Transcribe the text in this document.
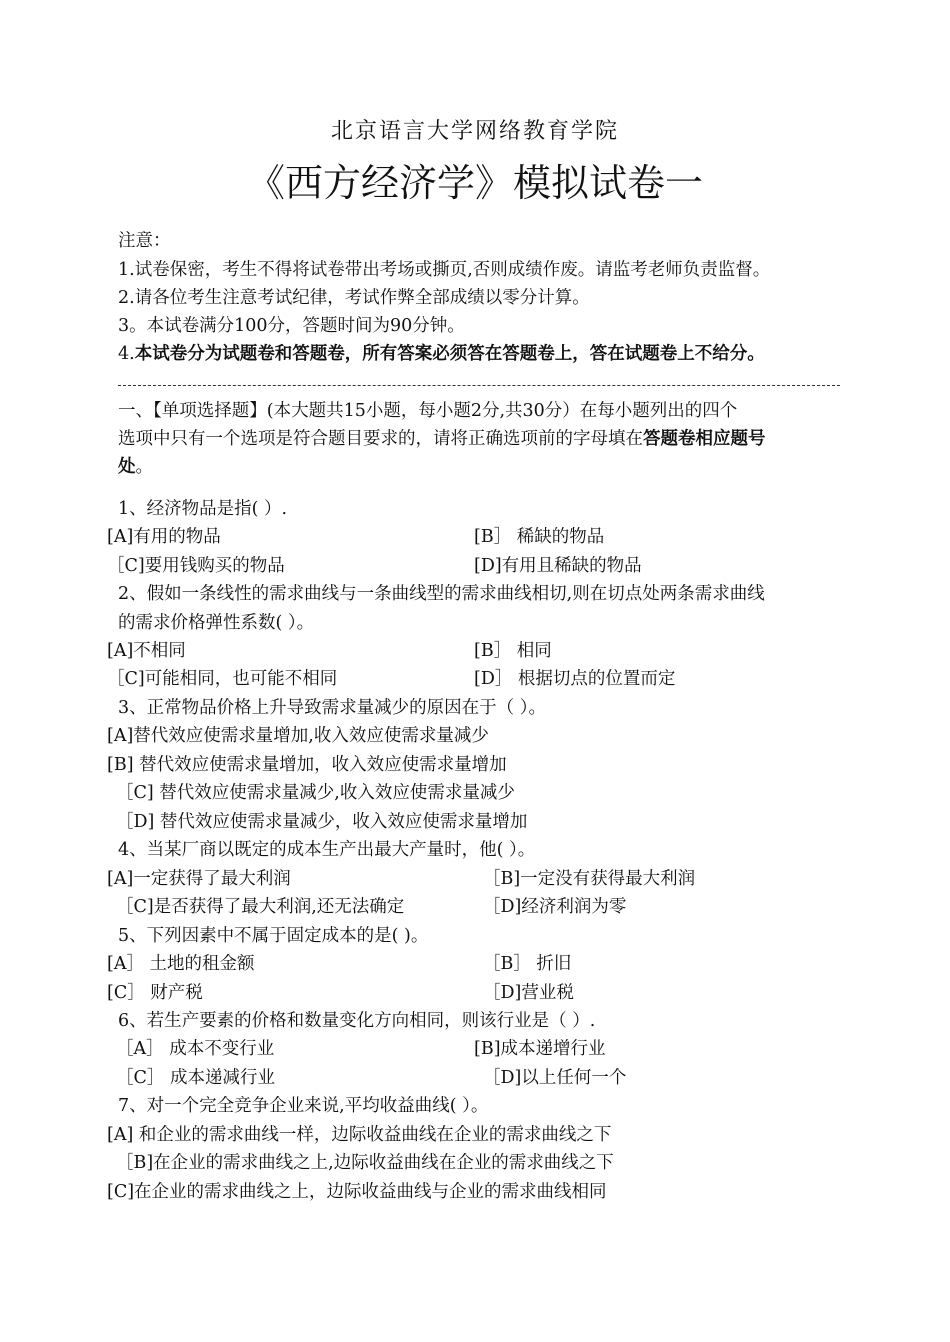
北京语言大学网络教育学院
《西方经济学》模拟试卷一
注意：
1.试卷保密，考生不得将试卷带出考场或撕页,否则成绩作废。请监考老师负责监督。
2.请各位考生注意考试纪律，考试作弊全部成绩以零分计算。
3。本试卷满分100分，答题时间为90分钟。
4.本试卷分为试题卷和答题卷，所有答案必须答在答题卷上，答在试题卷上不给分。
一、【单项选择题】(本大题共15小题，每小题2分,共30分）在每小题列出的四个
选项中只有一个选项是符合题目要求的，请将正确选项前的字母填在答题卷相应题号
处。
1、经济物品是指( ）.
[A]有用的物品	[B］ 稀缺的物品
［C]要用钱购买的物品	[D]有用且稀缺的物品
2、假如一条线性的需求曲线与一条曲线型的需求曲线相切,则在切点处两条需求曲线
的需求价格弹性系数( ）。
[A]不相同	[B］ 相同
［C]可能相同，也可能不相同	[D］ 根据切点的位置而定
3、正常物品价格上升导致需求量减少的原因在于（ ）。
[A]替代效应使需求量增加,收入效应使需求量减少
[B] 替代效应使需求量增加，收入效应使需求量增加
［C] 替代效应使需求量减少,收入效应使需求量减少
［D] 替代效应使需求量减少，收入效应使需求量增加
4、当某厂商以既定的成本生产出最大产量时，他( ）。
[A]一定获得了最大利润	［B]一定没有获得最大利润
［C]是否获得了最大利润,还无法确定	［D]经济利润为零
5、下列因素中不属于固定成本的是( )。
[A］ 土地的租金额	［B］ 折旧
[C］ 财产税	［D]营业税
6、若生产要素的价格和数量变化方向相同，则该行业是（ ）.
［A］ 成本不变行业	[B]成本递增行业
［C］ 成本递减行业	［D]以上任何一个
7、对一个完全竞争企业来说,平均收益曲线( ）。
[A] 和企业的需求曲线一样，边际收益曲线在企业的需求曲线之下
［B]在企业的需求曲线之上,边际收益曲线在企业的需求曲线之下
[C]在企业的需求曲线之上，边际收益曲线与企业的需求曲线相同
